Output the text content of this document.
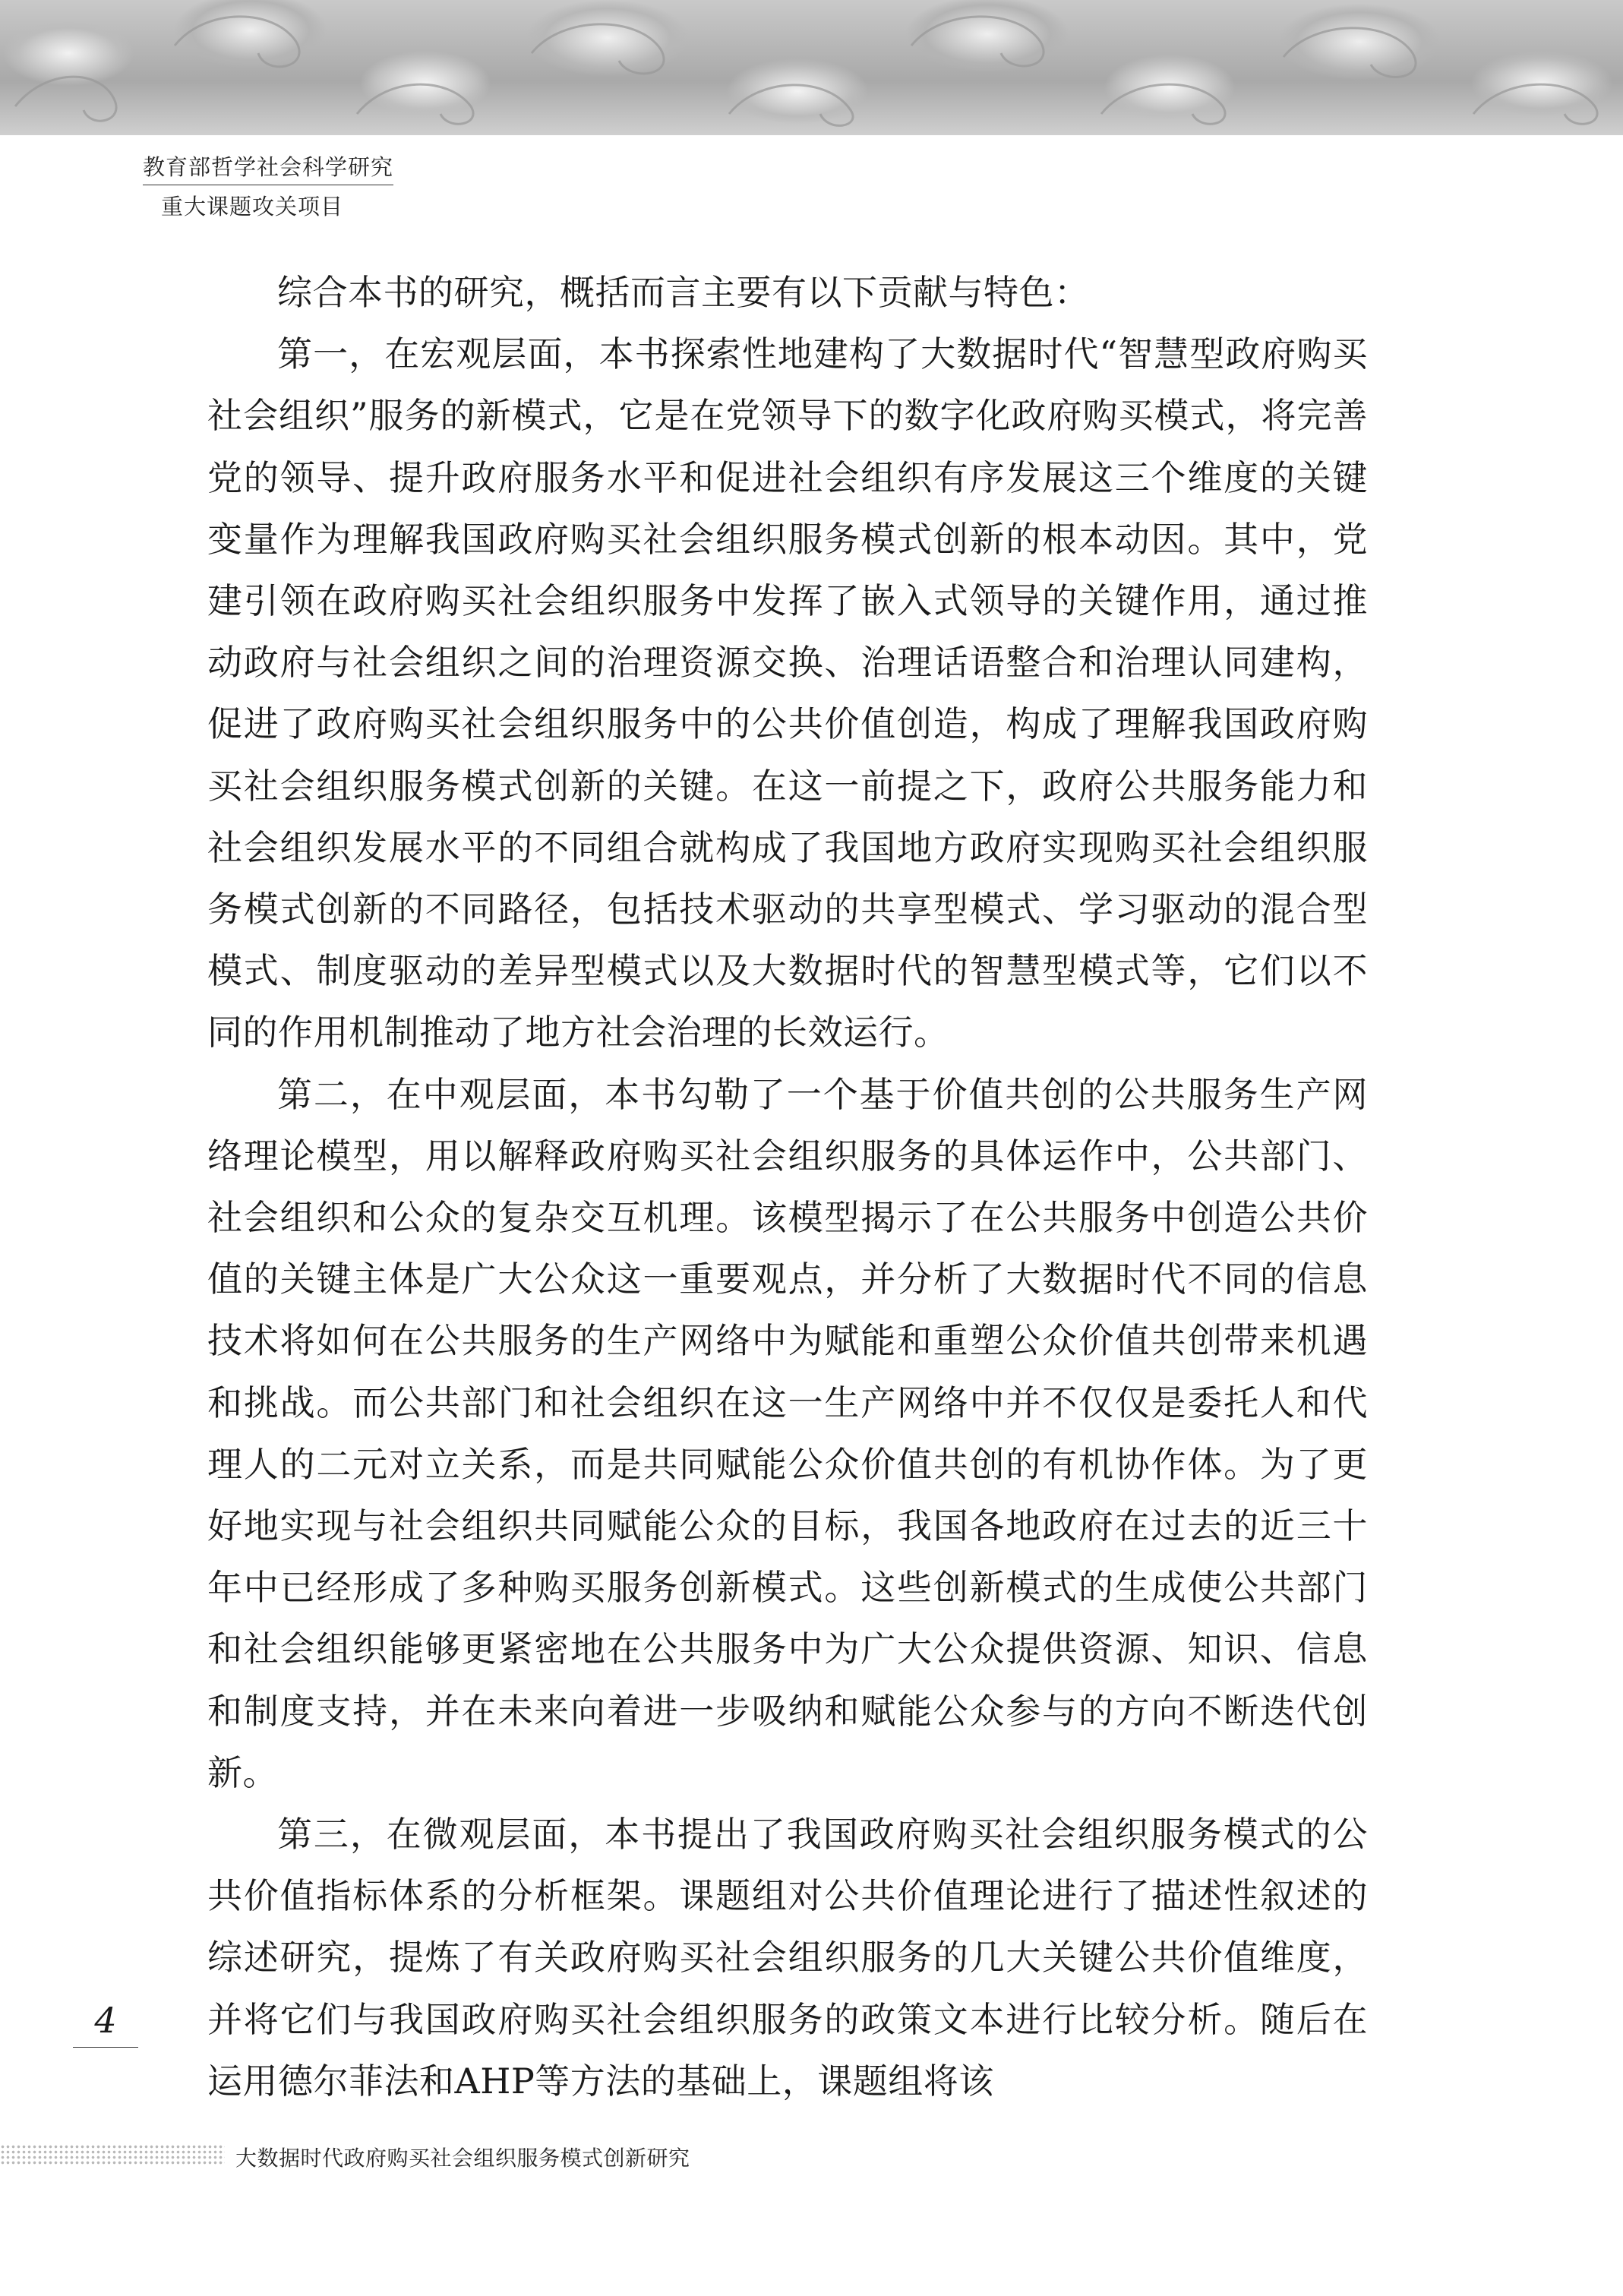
教育部哲学社会科学研究
重大课题攻关项目

综合本书的研究，概括而言主要有以下贡献与特色：

第一，在宏观层面，本书探索性地建构了大数据时代“智慧型政府购买社会组织”服务的新模式，它是在党领导下的数字化政府购买模式，将完善党的领导、提升政府服务水平和促进社会组织有序发展这三个维度的关键变量作为理解我国政府购买社会组织服务模式创新的根本动因。其中，党建引领在政府购买社会组织服务中发挥了嵌入式领导的关键作用，通过推动政府与社会组织之间的治理资源交换、治理话语整合和治理认同建构，促进了政府购买社会组织服务中的公共价值创造，构成了理解我国政府购买社会组织服务模式创新的关键。在这一前提之下，政府公共服务能力和社会组织发展水平的不同组合就构成了我国地方政府实现购买社会组织服务模式创新的不同路径，包括技术驱动的共享型模式、学习驱动的混合型模式、制度驱动的差异型模式以及大数据时代的智慧型模式等，它们以不同的作用机制推动了地方社会治理的长效运行。

第二，在中观层面，本书勾勒了一个基于价值共创的公共服务生产网络理论模型，用以解释政府购买社会组织服务的具体运作中，公共部门、社会组织和公众的复杂交互机理。该模型揭示了在公共服务中创造公共价值的关键主体是广大公众这一重要观点，并分析了大数据时代不同的信息技术将如何在公共服务的生产网络中为赋能和重塑公众价值共创带来机遇和挑战。而公共部门和社会组织在这一生产网络中并不仅仅是委托人和代理人的二元对立关系，而是共同赋能公众价值共创的有机协作体。为了更好地实现与社会组织共同赋能公众的目标，我国各地政府在过去的近三十年中已经形成了多种购买服务创新模式。这些创新模式的生成使公共部门和社会组织能够更紧密地在公共服务中为广大公众提供资源、知识、信息和制度支持，并在未来向着进一步吸纳和赋能公众参与的方向不断迭代创新。

第三，在微观层面，本书提出了我国政府购买社会组织服务模式的公共价值指标体系的分析框架。课题组对公共价值理论进行了描述性叙述的综述研究，提炼了有关政府购买社会组织服务的几大关键公共价值维度，并将它们与我国政府购买社会组织服务的政策文本进行比较分析。随后在运用德尔菲法和AHP等方法的基础上，课题组将该

4
大数据时代政府购买社会组织服务模式创新研究
